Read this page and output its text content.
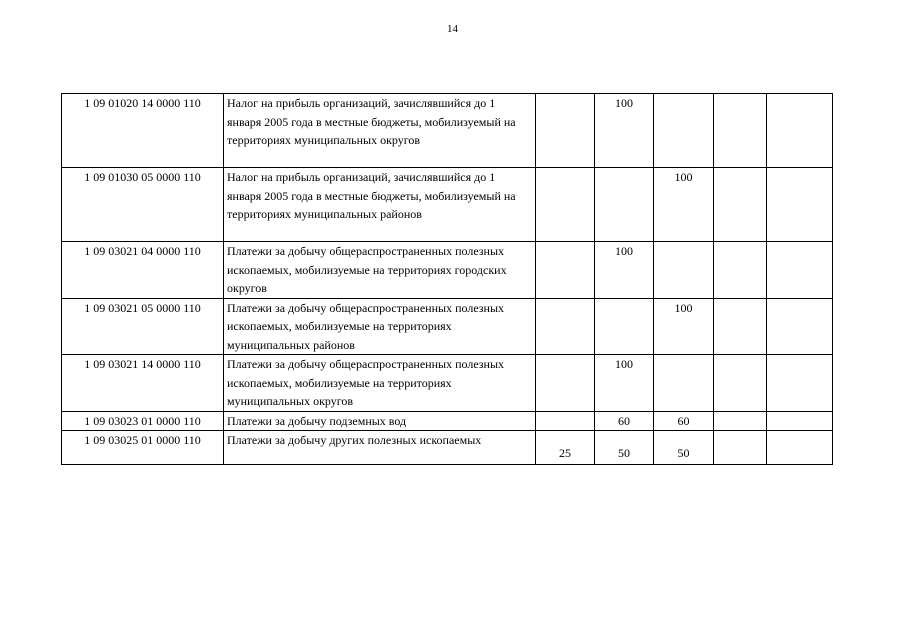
14
1 09 01020 14 0000 110	Налог на прибыль организаций, зачислявшийся до 1 января 2005 года в местные бюджеты, мобилизуемый на территориях муниципальных округов		100			
1 09 01030 05 0000 110	Налог на прибыль организаций, зачислявшийся до 1 января 2005 года в местные бюджеты, мобилизуемый на территориях муниципальных районов			100		
1 09 03021 04 0000 110	Платежи за добычу общераспространенных полезных ископаемых, мобилизуемые на территориях городских округов		100			
1 09 03021 05 0000 110	Платежи за добычу общераспространенных полезных ископаемых, мобилизуемые на территориях муниципальных районов			100		
1 09 03021 14 0000 110	Платежи за добычу общераспространенных полезных ископаемых, мобилизуемые на территориях муниципальных округов		100			
1 09 03023 01 0000 110	Платежи за добычу подземных вод		60	60		
1 09 03025 01 0000 110	Платежи за добычу других полезных ископаемых	25	50	50		
